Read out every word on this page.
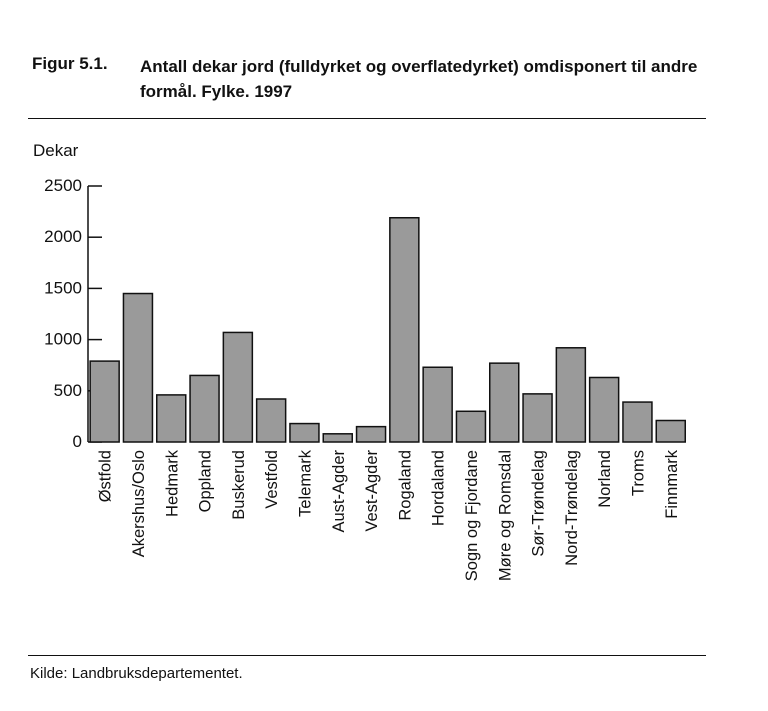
Figur 5.1. Antall dekar jord (fulldyrket og overflatedyrket) omdisponert til andre formål. Fylke. 1997
Dekar
0
500
1000
1500
2000
2500
Østfold Akershus/Oslo Hedmark Oppland Buskerud Vestfold Telemark Aust-Agder Vest-Agder Rogaland Hordaland Sogn og Fjordane Møre og Romsdal Sør-Trøndelag Nord-Trøndelag Norland Troms Finnmark
Kilde: Landbruksdepartementet.
